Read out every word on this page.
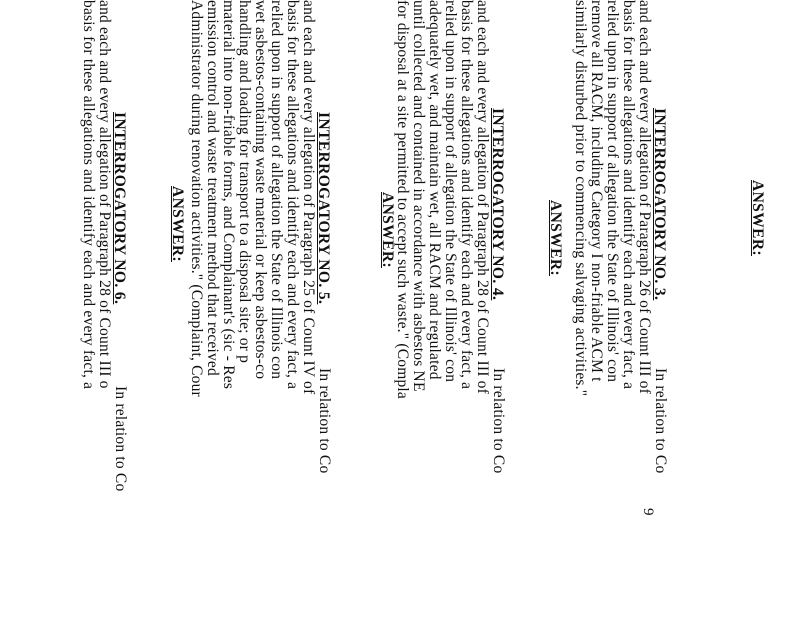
ANSWER:
INTERROGATORY NO. 3.
In relation to Co
and each and every allegation of Paragraph 26 of Count III of
basis for these allegations and identify each and every fact, a
relied upon in support of allegation the State of Illinois' con
remove all RACM, including Category I non-friable ACM t
similarly disturbed prior to commencing salvaging activities."
ANSWER:
INTERROGATORY NO. 4.
In relation to Co
and each and every allegation of Paragraph 28 of Count III of
basis for these allegations and identify each and every fact, a
relied upon in support of allegation the State of Illinois' con
adequately wet, and maintain wet, all RACM and regulated
until collected and contained in accordance with asbestos NE
for disposal at a site permitted to accept such waste." (Compla
ANSWER:
INTERROGATORY NO. 5.
In relation to Co
and each and every allegation of Paragraph 25 of Count IV of
basis for these allegations and identify each and every fact, a
relied upon in support of allegation the State of Illinois con
wet asbestos-containing waste material or keep asbestos-co
handling and loading for transport to a disposal site; or p
material into non-friable forms, and Complainant's (sic - Res
emission control and waste treatment method that received
Administrator during renovation activities." (Complaint, Cour
ANSWER:
INTERROGATORY NO. 6.
In relation to Co
and each and every allegation of Paragraph 28 of Count III o
basis for these allegations and identify each and every fact, a
9
